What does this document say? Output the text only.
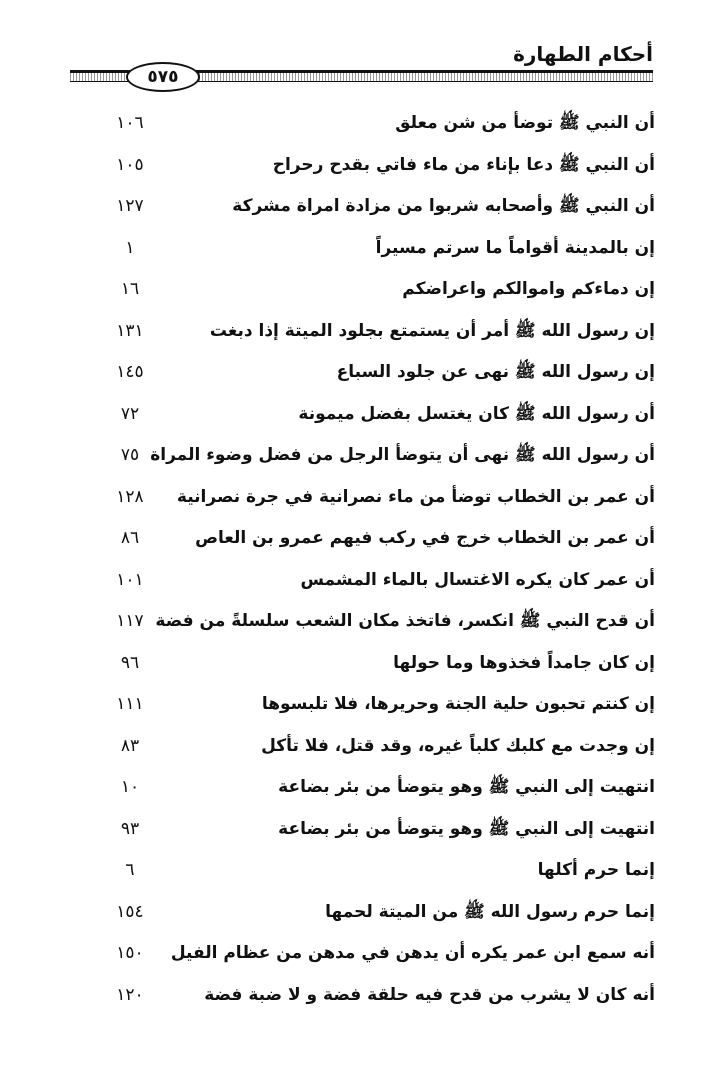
أحكام الطهارة
٥٧٥
أن النبي ﷺ توضأ من شن معلق
١٠٦
أن النبي ﷺ دعا بإناء من ماء فاتي بقدح رحراح
١٠٥
أن النبي ﷺ وأصحابه شربوا من مزادة امراة مشركة
١٢٧
إن بالمدينة أقواماً ما سرتم مسيراً
١
إن دماءكم واموالكم واعراضكم
١٦
إن رسول الله ﷺ أمر أن يستمتع بجلود الميتة إذا دبغت
١٣١
إن رسول الله ﷺ نهى عن جلود السباع
١٤٥
أن رسول الله ﷺ كان يغتسل بفضل ميمونة
٧٢
أن رسول الله ﷺ نهى أن يتوضأ الرجل من فضل وضوء المراة
٧٥
أن عمر بن الخطاب توضأ من ماء نصرانية في جرة نصرانية
١٢٨
أن عمر بن الخطاب خرج في ركب فيهم عمرو بن العاص
٨٦
أن عمر كان يكره الاغتسال بالماء المشمس
١٠١
أن قدح النبي ﷺ انكسر، فاتخذ مكان الشعب سلسلةً من فضة
١١٧
إن كان جامداً فخذوها وما حولها
٩٦
إن كنتم تحبون حلية الجنة وحريرها، فلا تلبسوها
١١١
إن وجدت مع كلبك كلباً غيره، وقد قتل، فلا تأكل
٨٣
انتهيت إلى النبي ﷺ وهو يتوضأ من بئر بضاعة
١٠
انتهيت إلى النبي ﷺ وهو يتوضأ من بئر بضاعة
٩٣
إنما حرم أكلها
٦
إنما حرم رسول الله ﷺ من الميتة لحمها
١٥٤
أنه سمع ابن عمر يكره أن يدهن في مدهن من عظام الفيل
١٥٠
أنه كان لا يشرب من قدح فيه حلقة فضة و لا ضبة فضة
١٢٠
